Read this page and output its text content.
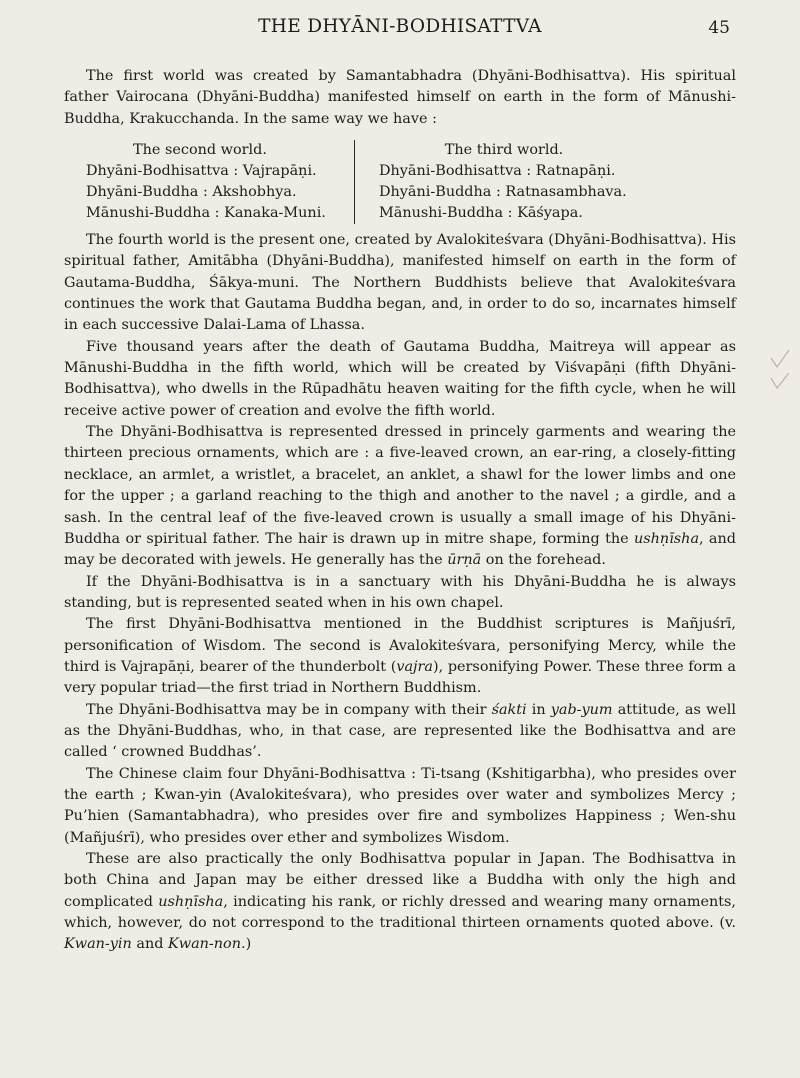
THE DHYĀNI-BODHISATTVA	45

The first world was created by Samantabhadra (Dhyāni-Bodhisattva). His spiritual father Vairocana (Dhyāni-Buddha) manifested himself on earth in the form of Mānushi-Buddha, Krakucchanda. In the same way we have :

The second world.
Dhyāni-Bodhisattva : Vajrapāṇi.
Dhyāni-Buddha : Akshobhya.
Mānushi-Buddha : Kanaka-Muni.
The third world.
Dhyāni-Bodhisattva : Ratnapāṇi.
Dhyāni-Buddha : Ratnasambhava.
Mānushi-Buddha : Kāśyapa.

The fourth world is the present one, created by Avalokiteśvara (Dhyāni-Bodhisattva). His spiritual father, Amitābha (Dhyāni-Buddha), manifested himself on earth in the form of Gautama-Buddha, Śākya-muni. The Northern Buddhists believe that Avalokiteśvara continues the work that Gautama Buddha began, and, in order to do so, incarnates himself in each successive Dalai-Lama of Lhassa.

Five thousand years after the death of Gautama Buddha, Maitreya will appear as Mānushi-Buddha in the fifth world, which will be created by Viśvapāṇi (fifth Dhyāni-Bodhisattva), who dwells in the Rūpadhātu heaven waiting for the fifth cycle, when he will receive active power of creation and evolve the fifth world.

The Dhyāni-Bodhisattva is represented dressed in princely garments and wearing the thirteen precious ornaments, which are : a five-leaved crown, an ear-ring, a closely-fitting necklace, an armlet, a wristlet, a bracelet, an anklet, a shawl for the lower limbs and one for the upper ; a garland reaching to the thigh and another to the navel ; a girdle, and a sash. In the central leaf of the five-leaved crown is usually a small image of his Dhyāni-Buddha or spiritual father. The hair is drawn up in mitre shape, forming the ushṇīsha, and may be decorated with jewels. He generally has the ūrṇā on the forehead.

If the Dhyāni-Bodhisattva is in a sanctuary with his Dhyāni-Buddha he is always standing, but is represented seated when in his own chapel.

The first Dhyāni-Bodhisattva mentioned in the Buddhist scriptures is Mañjuśrī, personification of Wisdom. The second is Avalokiteśvara, personifying Mercy, while the third is Vajrapāṇi, bearer of the thunderbolt (vajra), personifying Power. These three form a very popular triad—the first triad in Northern Buddhism.

The Dhyāni-Bodhisattva may be in company with their śakti in yab-yum attitude, as well as the Dhyāni-Buddhas, who, in that case, are represented like the Bodhisattva and are called ‘ crowned Buddhas’.

The Chinese claim four Dhyāni-Bodhisattva : Ti-tsang (Kshitigarbha), who presides over the earth ; Kwan-yin (Avalokiteśvara), who presides over water and symbolizes Mercy ; Pu’hien (Samantabhadra), who presides over fire and symbolizes Happiness ; Wen-shu (Mañjuśrī), who presides over ether and symbolizes Wisdom.

These are also practically the only Bodhisattva popular in Japan. The Bodhisattva in both China and Japan may be either dressed like a Buddha with only the high and complicated ushṇīsha, indicating his rank, or richly dressed and wearing many ornaments, which, however, do not correspond to the traditional thirteen ornaments quoted above. (v. Kwan-yin and Kwan-non.)
